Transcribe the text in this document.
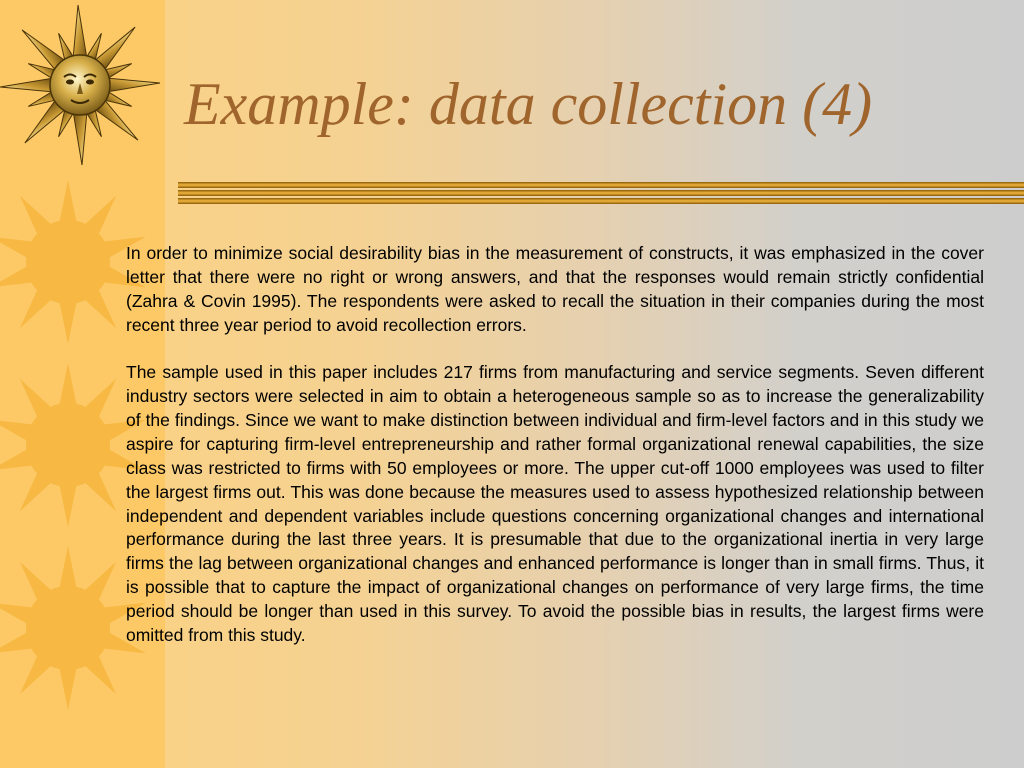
Example: data collection (4)

In order to minimize social desirability bias in the measurement of constructs, it was emphasized in the cover letter that there were no right or wrong answers, and that the responses would remain strictly confidential (Zahra & Covin 1995). The respondents were asked to recall the situation in their companies during the most recent three year period to avoid recollection errors.

The sample used in this paper includes 217 firms from manufacturing and service segments. Seven different industry sectors were selected in aim to obtain a heterogeneous sample so as to increase the generalizability of the findings. Since we want to make distinction between individual and firm-level factors and in this study we aspire for capturing firm-level entrepreneurship and rather formal organizational renewal capabilities, the size class was restricted to firms with 50 employees or more. The upper cut-off 1000 employees was used to filter the largest firms out. This was done because the measures used to assess hypothesized relationship between independent and dependent variables include questions concerning organizational changes and international performance during the last three years. It is presumable that due to the organizational inertia in very large firms the lag between organizational changes and enhanced performance is longer than in small firms. Thus, it is possible that to capture the impact of organizational changes on performance of very large firms, the time period should be longer than used in this survey. To avoid the possible bias in results, the largest firms were omitted from this study.
